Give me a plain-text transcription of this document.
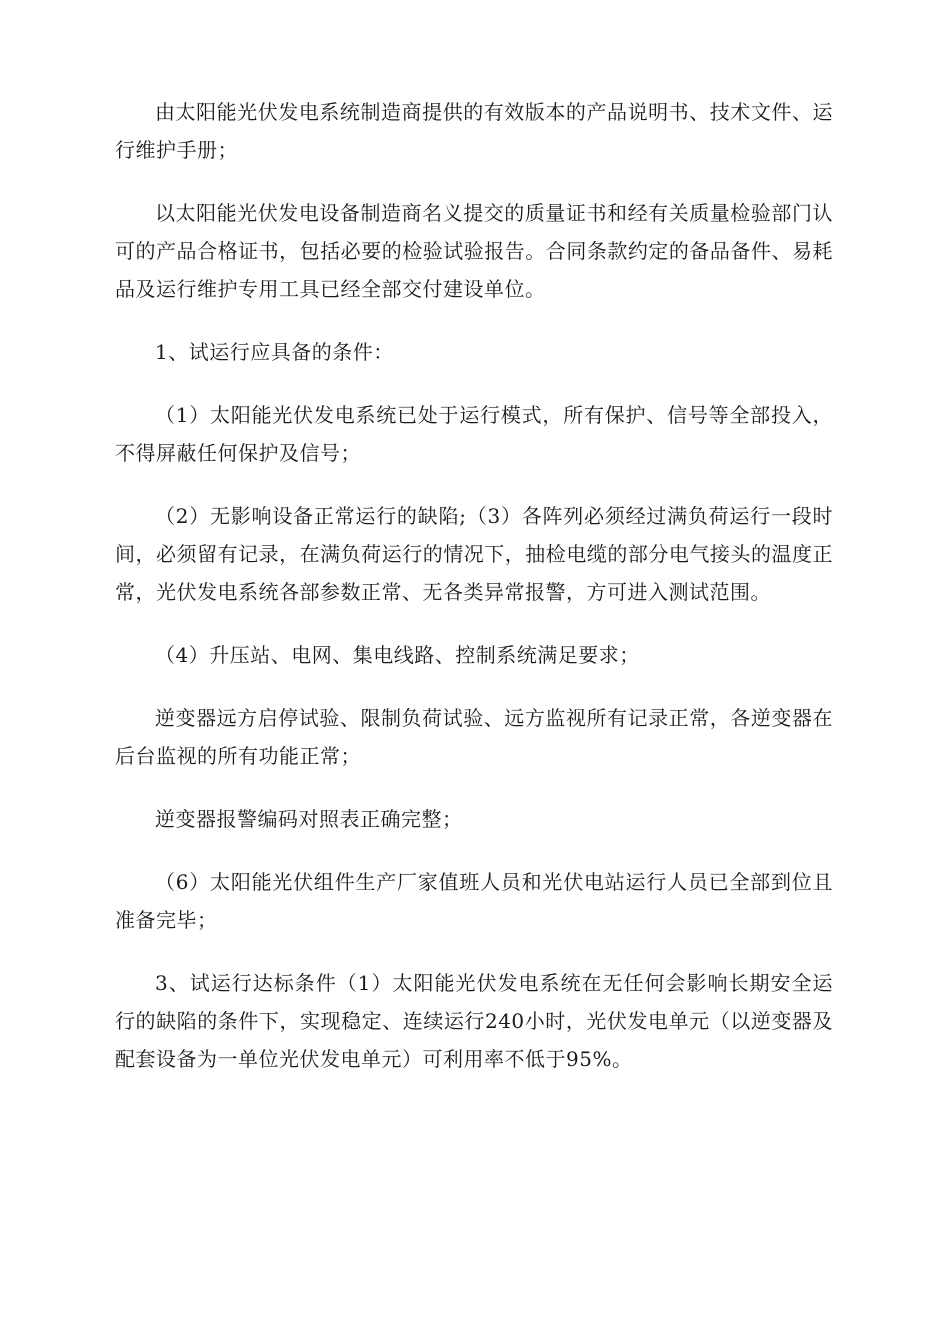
由太阳能光伏发电系统制造商提供的有效版本的产品说明书、技术文件、运行维护手册；

以太阳能光伏发电设备制造商名义提交的质量证书和经有关质量检验部门认可的产品合格证书，包括必要的检验试验报告。合同条款约定的备品备件、易耗品及运行维护专用工具已经全部交付建设单位。

1、试运行应具备的条件：

（1）太阳能光伏发电系统已处于运行模式，所有保护、信号等全部投入，不得屏蔽任何保护及信号；

（2）无影响设备正常运行的缺陷;（3）各阵列必须经过满负荷运行一段时间，必须留有记录，在满负荷运行的情况下，抽检电缆的部分电气接头的温度正常，光伏发电系统各部参数正常、无各类异常报警，方可进入测试范围。

（4）升压站、电网、集电线路、控制系统满足要求；

逆变器远方启停试验、限制负荷试验、远方监视所有记录正常，各逆变器在后台监视的所有功能正常；

逆变器报警编码对照表正确完整；

（6）太阳能光伏组件生产厂家值班人员和光伏电站运行人员已全部到位且准备完毕；

3、试运行达标条件（1）太阳能光伏发电系统在无任何会影响长期安全运行的缺陷的条件下，实现稳定、连续运行240小时，光伏发电单元（以逆变器及配套设备为一单位光伏发电单元）可利用率不低于95%。
